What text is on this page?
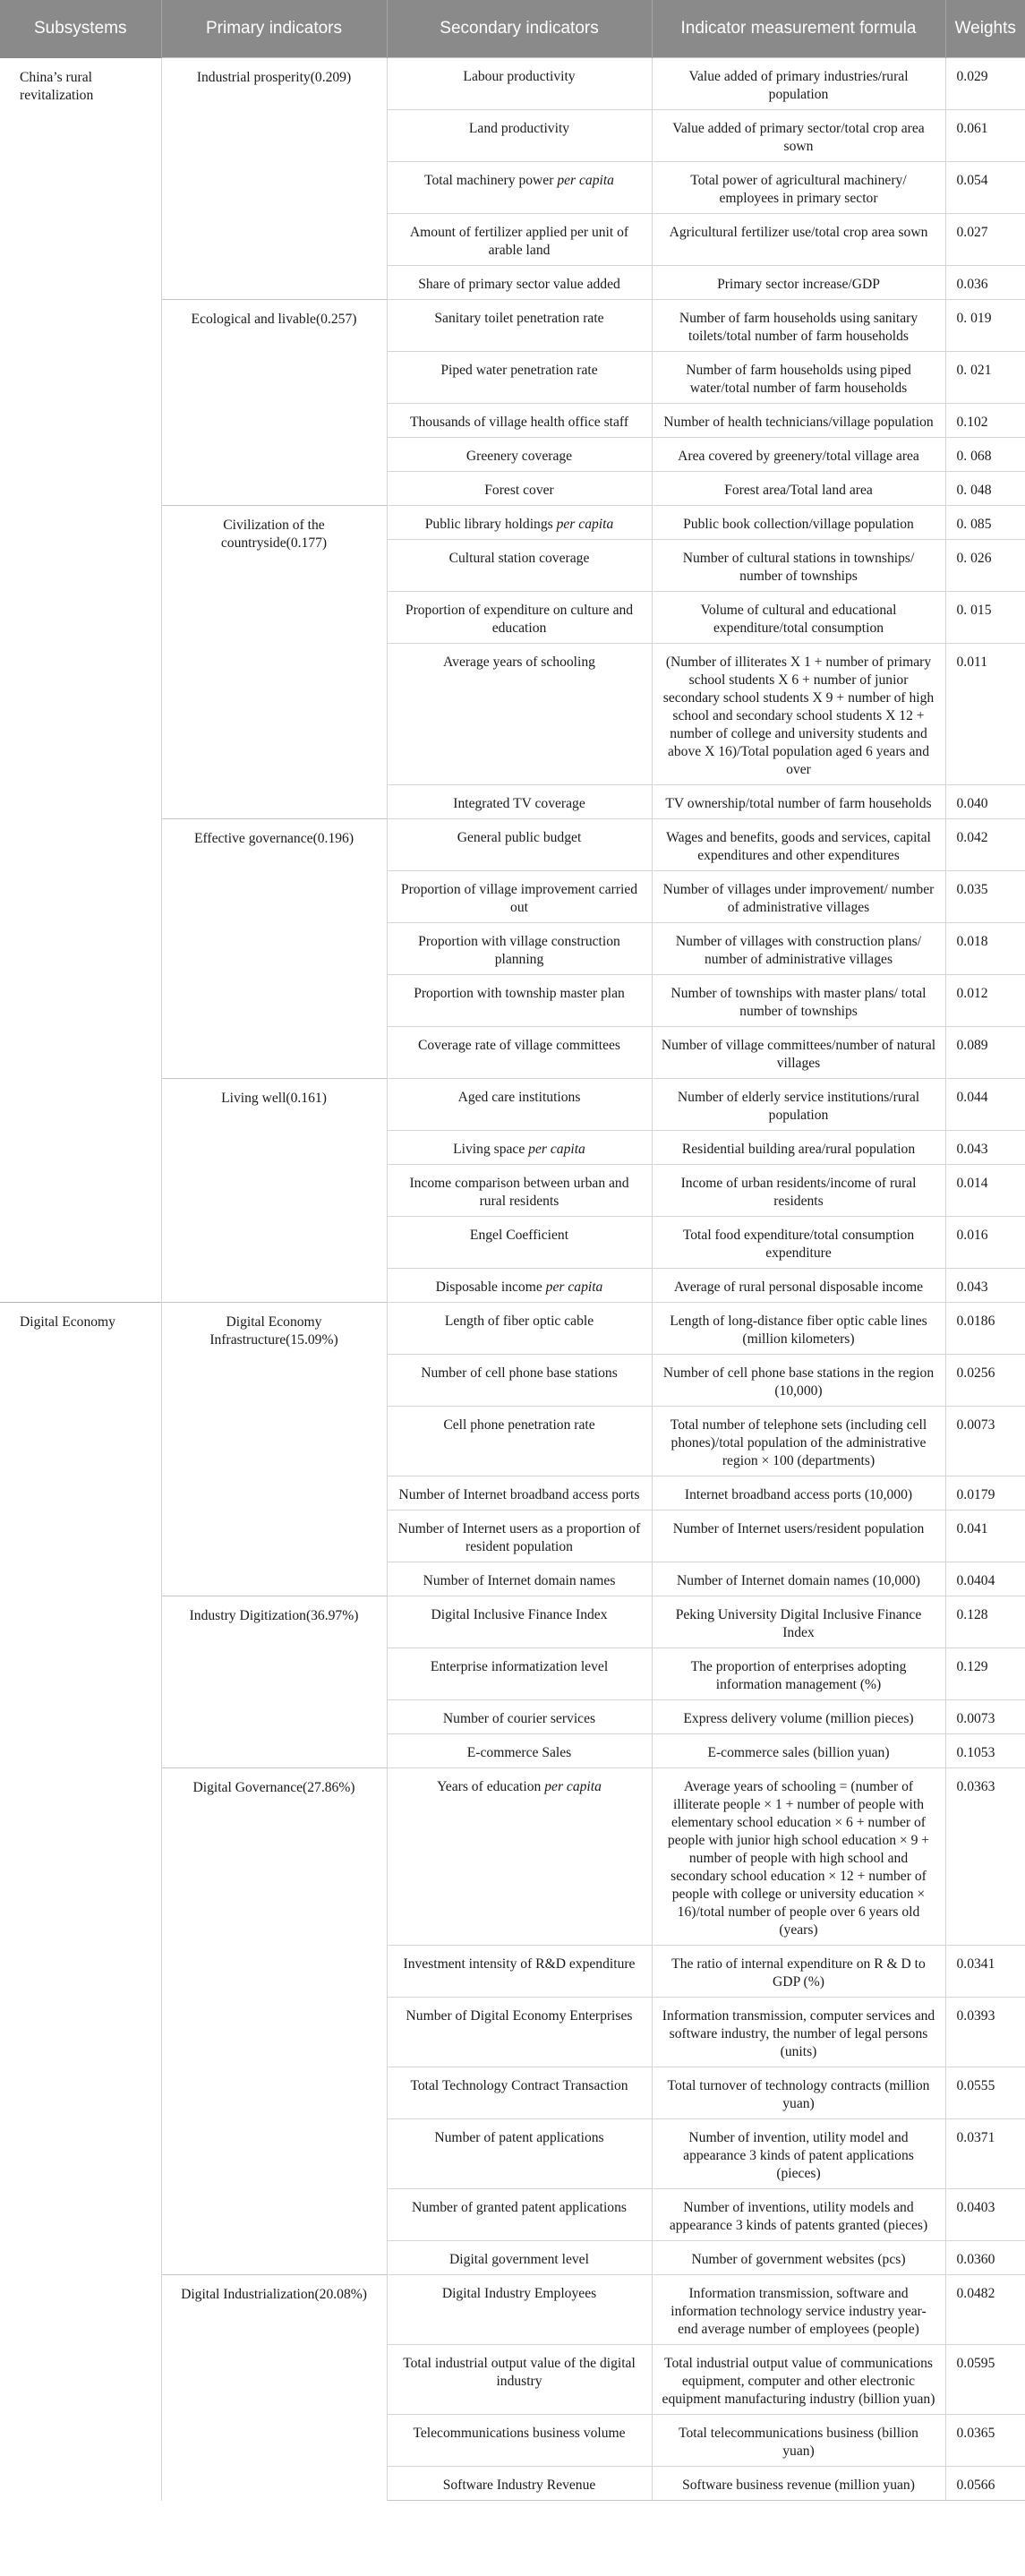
Subsystems	Primary indicators	Secondary indicators	Indicator measurement formula	Weights
China’s rural revitalization	Industrial prosperity(0.209)	Labour productivity	Value added of primary industries/rural population	0.029
		Land productivity	Value added of primary sector/total crop area sown	0.061
		Total machinery power per capita	Total power of agricultural machinery/ employees in primary sector	0.054
		Amount of fertilizer applied per unit of arable land	Agricultural fertilizer use/total crop area sown	0.027
		Share of primary sector value added	Primary sector increase/GDP	0.036
	Ecological and livable(0.257)	Sanitary toilet penetration rate	Number of farm households using sanitary toilets/total number of farm households	0. 019
		Piped water penetration rate	Number of farm households using piped water/total number of farm households	0. 021
		Thousands of village health office staff	Number of health technicians/village population	0.102
		Greenery coverage	Area covered by greenery/total village area	0. 068
		Forest cover	Forest area/Total land area	0. 048
	Civilization of the countryside(0.177)	Public library holdings per capita	Public book collection/village population	0. 085
		Cultural station coverage	Number of cultural stations in townships/ number of townships	0. 026
		Proportion of expenditure on culture and education	Volume of cultural and educational expenditure/total consumption	0. 015
		Average years of schooling	(Number of illiterates X 1 + number of primary school students X 6 + number of junior secondary school students X 9 + number of high school and secondary school students X 12 + number of college and university students and above X 16)/Total population aged 6 years and over	0.011
		Integrated TV coverage	TV ownership/total number of farm households	0.040
	Effective governance(0.196)	General public budget	Wages and benefits, goods and services, capital expenditures and other expenditures	0.042
		Proportion of village improvement carried out	Number of villages under improvement/ number of administrative villages	0.035
		Proportion with village construction planning	Number of villages with construction plans/ number of administrative villages	0.018
		Proportion with township master plan	Number of townships with master plans/ total number of townships	0.012
		Coverage rate of village committees	Number of village committees/number of natural villages	0.089
	Living well(0.161)	Aged care institutions	Number of elderly service institutions/rural population	0.044
		Living space per capita	Residential building area/rural population	0.043
		Income comparison between urban and rural residents	Income of urban residents/income of rural residents	0.014
		Engel Coefficient	Total food expenditure/total consumption expenditure	0.016
		Disposable income per capita	Average of rural personal disposable income	0.043
Digital Economy	Digital Economy Infrastructure(15.09%)	Length of fiber optic cable	Length of long-distance fiber optic cable lines (million kilometers)	0.0186
		Number of cell phone base stations	Number of cell phone base stations in the region (10,000)	0.0256
		Cell phone penetration rate	Total number of telephone sets (including cell phones)/total population of the administrative region × 100 (departments)	0.0073
		Number of Internet broadband access ports	Internet broadband access ports (10,000)	0.0179
		Number of Internet users as a proportion of resident population	Number of Internet users/resident population	0.041
		Number of Internet domain names	Number of Internet domain names (10,000)	0.0404
	Industry Digitization(36.97%)	Digital Inclusive Finance Index	Peking University Digital Inclusive Finance Index	0.128
		Enterprise informatization level	The proportion of enterprises adopting information management (%)	0.129
		Number of courier services	Express delivery volume (million pieces)	0.0073
		E-commerce Sales	E-commerce sales (billion yuan)	0.1053
	Digital Governance(27.86%)	Years of education per capita	Average years of schooling = (number of illiterate people × 1 + number of people with elementary school education × 6 + number of people with junior high school education × 9 + number of people with high school and secondary school education × 12 + number of people with college or university education × 16)/total number of people over 6 years old (years)	0.0363
		Investment intensity of R&D expenditure	The ratio of internal expenditure on R & D to GDP (%)	0.0341
		Number of Digital Economy Enterprises	Information transmission, computer services and software industry, the number of legal persons (units)	0.0393
		Total Technology Contract Transaction	Total turnover of technology contracts (million yuan)	0.0555
		Number of patent applications	Number of invention, utility model and appearance 3 kinds of patent applications (pieces)	0.0371
		Number of granted patent applications	Number of inventions, utility models and appearance 3 kinds of patents granted (pieces)	0.0403
		Digital government level	Number of government websites (pcs)	0.0360
	Digital Industrialization(20.08%)	Digital Industry Employees	Information transmission, software and information technology service industry year-end average number of employees (people)	0.0482
		Total industrial output value of the digital industry	Total industrial output value of communications equipment, computer and other electronic equipment manufacturing industry (billion yuan)	0.0595
		Telecommunications business volume	Total telecommunications business (billion yuan)	0.0365
		Software Industry Revenue	Software business revenue (million yuan)	0.0566
